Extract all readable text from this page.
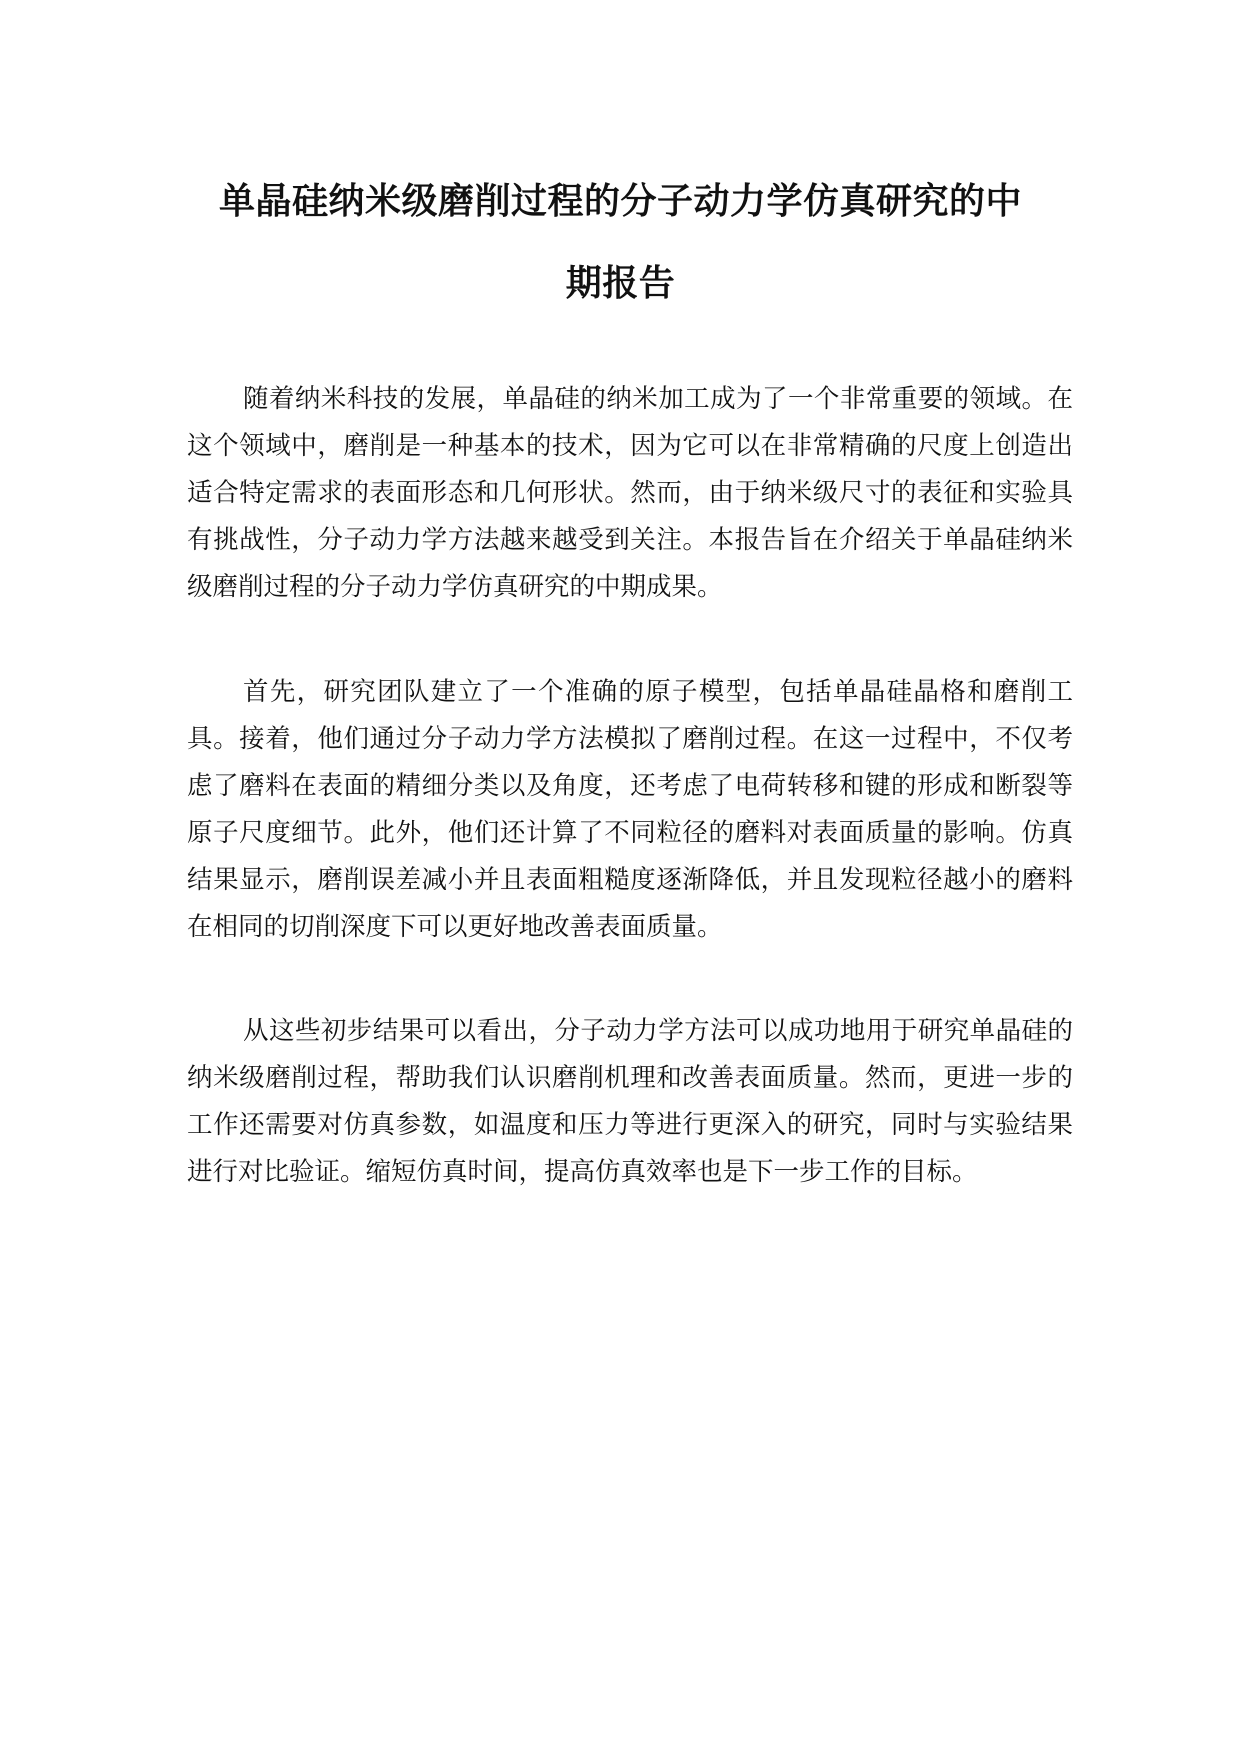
单晶硅纳米级磨削过程的分子动力学仿真研究的中
期报告

随着纳米科技的发展，单晶硅的纳米加工成为了一个非常重要的领域。在这个领域中，磨削是一种基本的技术，因为它可以在非常精确的尺度上创造出适合特定需求的表面形态和几何形状。然而，由于纳米级尺寸的表征和实验具有挑战性，分子动力学方法越来越受到关注。本报告旨在介绍关于单晶硅纳米级磨削过程的分子动力学仿真研究的中期成果。

首先，研究团队建立了一个准确的原子模型，包括单晶硅晶格和磨削工具。接着，他们通过分子动力学方法模拟了磨削过程。在这一过程中，不仅考虑了磨料在表面的精细分类以及角度，还考虑了电荷转移和键的形成和断裂等原子尺度细节。此外，他们还计算了不同粒径的磨料对表面质量的影响。仿真结果显示，磨削误差减小并且表面粗糙度逐渐降低，并且发现粒径越小的磨料在相同的切削深度下可以更好地改善表面质量。

从这些初步结果可以看出，分子动力学方法可以成功地用于研究单晶硅的纳米级磨削过程，帮助我们认识磨削机理和改善表面质量。然而，更进一步的工作还需要对仿真参数，如温度和压力等进行更深入的研究，同时与实验结果进行对比验证。缩短仿真时间，提高仿真效率也是下一步工作的目标。
